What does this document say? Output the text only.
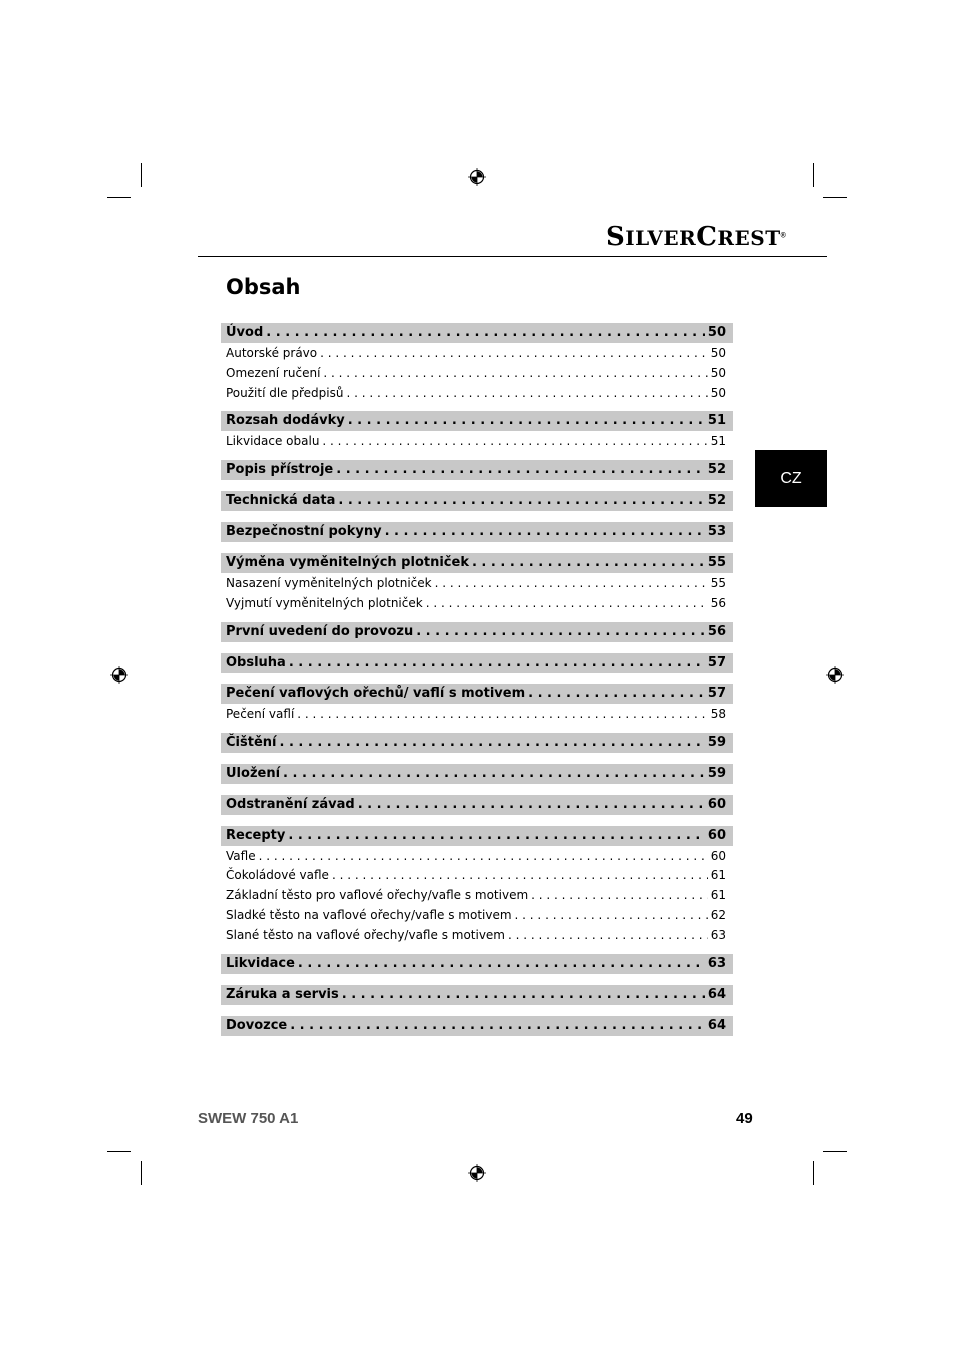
SILVERCREST®
Obsah
CZ
Úvod . . .	50
Autorské právo . . .	50
Omezení ručení . . .	50
Použití dle předpisů . . .	50
Rozsah dodávky . . .	51
Likvidace obalu . . .	51
Popis přístroje . . .	52
Technická data . . .	52
Bezpečnostní pokyny . . .	53
Výměna vyměnitelných plotniček . . .	55
Nasazení vyměnitelných plotniček . . .	55
Vyjmutí vyměnitelných plotniček . . .	56
První uvedení do provozu . . .	56
Obsluha . . .	57
Pečení vaflových ořechů/ vaflí s motivem . . .	57
Pečení vaflí . . .	58
Čištění . . .	59
Uložení . . .	59
Odstranění závad . . .	60
Recepty . . .	60
Vafle . . .	60
Čokoládové vafle . . .	61
Základní těsto pro vaflové ořechy/vafle s motivem . . .	61
Sladké těsto na vaflové ořechy/vafle s motivem . . .	62
Slané těsto na vaflové ořechy/vafle s motivem . . .	63
Likvidace . . .	63
Záruka a servis . . .	64
Dovozce . . .	64
SWEW 750 A1	49
